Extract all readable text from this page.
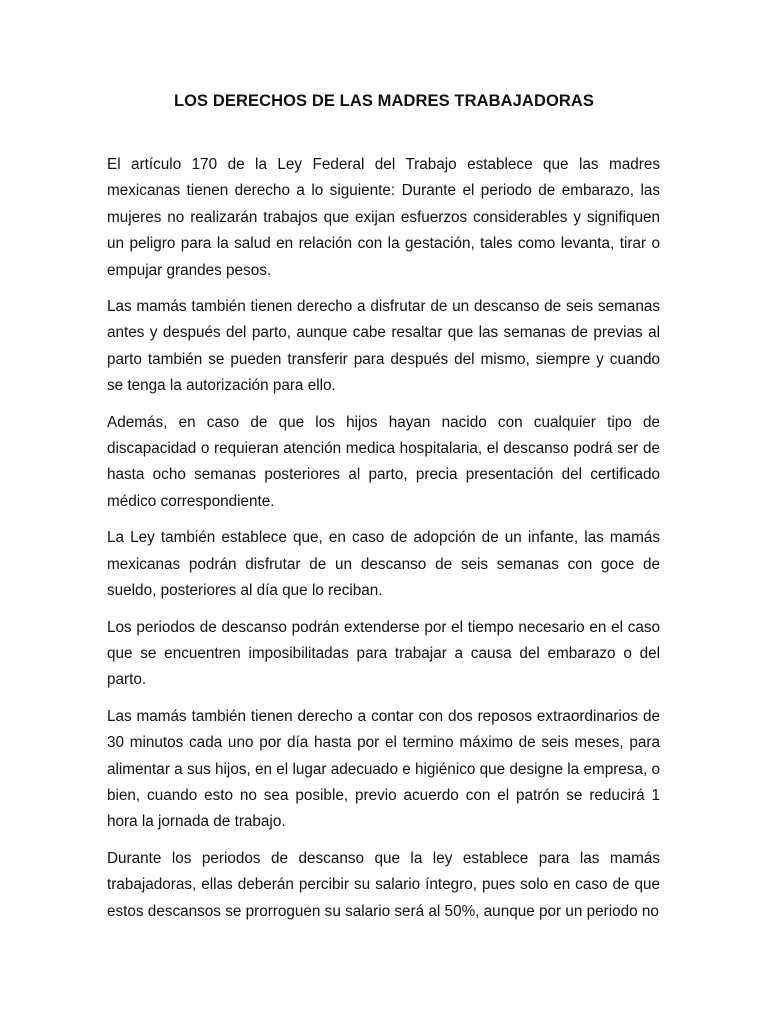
LOS DERECHOS DE LAS MADRES TRABAJADORAS

El artículo 170 de la Ley Federal del Trabajo establece que las madres mexicanas tienen derecho a lo siguiente: Durante el periodo de embarazo, las mujeres no realizarán trabajos que exijan esfuerzos considerables y signifiquen un peligro para la salud en relación con la gestación, tales como levanta, tirar o empujar grandes pesos.

Las mamás también tienen derecho a disfrutar de un descanso de seis semanas antes y después del parto, aunque cabe resaltar que las semanas de previas al parto también se pueden transferir para después del mismo, siempre y cuando se tenga la autorización para ello.

Además, en caso de que los hijos hayan nacido con cualquier tipo de discapacidad o requieran atención medica hospitalaria, el descanso podrá ser de hasta ocho semanas posteriores al parto, precia presentación del certificado médico correspondiente.

La Ley también establece que, en caso de adopción de un infante, las mamás mexicanas podrán disfrutar de un descanso de seis semanas con goce de sueldo, posteriores al día que lo reciban.

Los periodos de descanso podrán extenderse por el tiempo necesario en el caso que se encuentren imposibilitadas para trabajar a causa del embarazo o del parto.

Las mamás también tienen derecho a contar con dos reposos extraordinarios de 30 minutos cada uno por día hasta por el termino máximo de seis meses, para alimentar a sus hijos, en el lugar adecuado e higiénico que designe la empresa, o bien, cuando esto no sea posible, previo acuerdo con el patrón se reducirá 1 hora la jornada de trabajo.

Durante los periodos de descanso que la ley establece para las mamás trabajadoras, ellas deberán percibir su salario íntegro, pues solo en caso de que estos descansos se prorroguen su salario será al 50%, aunque por un periodo no
